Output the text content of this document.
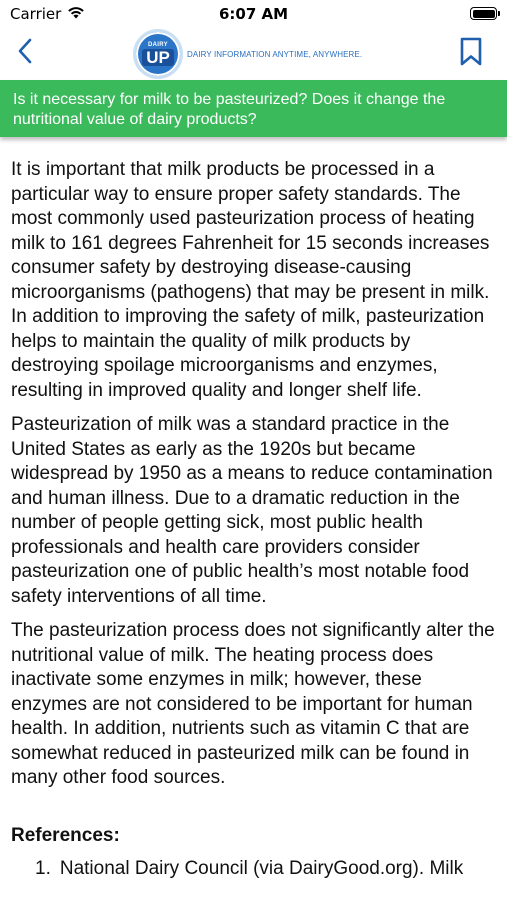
Carrier	6:07 AM
DAIRY
UP	DAIRY INFORMATION ANYTIME, ANYWHERE.
Is it necessary for milk to be pasteurized? Does it change the nutritional value of dairy products?

It is important that milk products be processed in a particular way to ensure proper safety standards. The most commonly used pasteurization process of heating milk to 161 degrees Fahrenheit for 15 seconds increases consumer safety by destroying disease-causing microorganisms (pathogens) that may be present in milk. In addition to improving the safety of milk, pasteurization helps to maintain the quality of milk products by destroying spoilage microorganisms and enzymes, resulting in improved quality and longer shelf life.

Pasteurization of milk was a standard practice in the United States as early as the 1920s but became widespread by 1950 as a means to reduce contamination and human illness. Due to a dramatic reduction in the number of people getting sick, most public health professionals and health care providers consider pasteurization one of public health’s most notable food safety interventions of all time.

The pasteurization process does not significantly alter the nutritional value of milk. The heating process does inactivate some enzymes in milk; however, these enzymes are not considered to be important for human health. In addition, nutrients such as vitamin C that are somewhat reduced in pasteurized milk can be found in many other food sources.

References:
1. National Dairy Council (via DairyGood.org). Milk
